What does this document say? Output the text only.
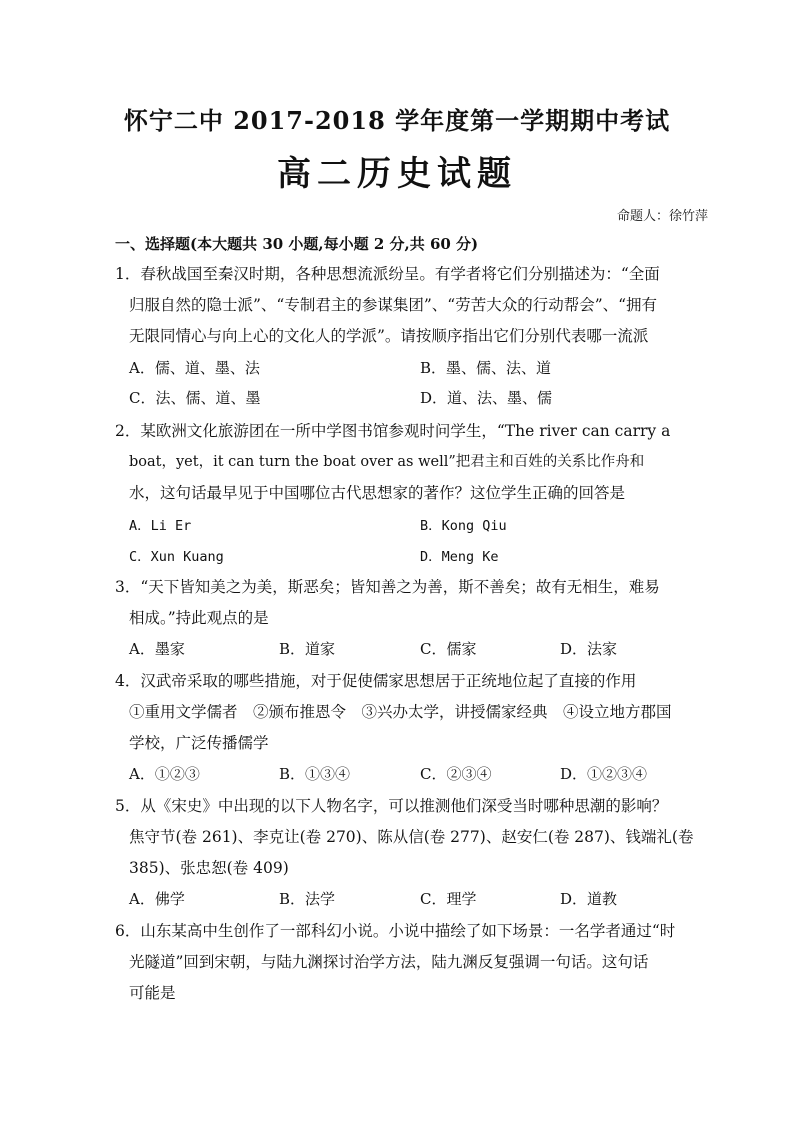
怀宁二中 2017-2018 学年度第一学期期中考试
高二历史试题
命题人：徐竹萍
一、选择题(本大题共 30 小题,每小题 2 分,共 60 分)
1．春秋战国至秦汉时期，各种思想流派纷呈。有学者将它们分别描述为：“全面
归服自然的隐士派”、“专制君主的参谋集团”、“劳苦大众的行动帮会”、“拥有
无限同情心与向上心的文化人的学派”。请按顺序指出它们分别代表哪一流派
A．儒、道、墨、法	B．墨、儒、法、道
C．法、儒、道、墨	D．道、法、墨、儒
2．某欧洲文化旅游团在一所中学图书馆参观时问学生，“The river can carry a
boat，yet，it can turn the boat over as well”把君主和百姓的关系比作舟和
水，这句话最早见于中国哪位古代思想家的著作？这位学生正确的回答是
A．Li Er	B．Kong Qiu
C．Xun Kuang	D．Meng Ke
3．“天下皆知美之为美，斯恶矣；皆知善之为善，斯不善矣；故有无相生，难易
相成。”持此观点的是
A．墨家	B．道家	C．儒家	D．法家
4．汉武帝采取的哪些措施，对于促使儒家思想居于正统地位起了直接的作用
①重用文学儒者　②颁布推恩令　③兴办太学，讲授儒家经典　④设立地方郡国
学校，广泛传播儒学
A．①②③	B．①③④	C．②③④	D．①②③④
5．从《宋史》中出现的以下人物名字，可以推测他们深受当时哪种思潮的影响？
焦守节(卷 261)、李克让(卷 270)、陈从信(卷 277)、赵安仁(卷 287)、钱端礼(卷
385)、张忠恕(卷 409)
A．佛学	B．法学	C．理学	D．道教
6．山东某高中生创作了一部科幻小说。小说中描绘了如下场景：一名学者通过“时
光隧道”回到宋朝，与陆九渊探讨治学方法，陆九渊反复强调一句话。这句话
可能是
